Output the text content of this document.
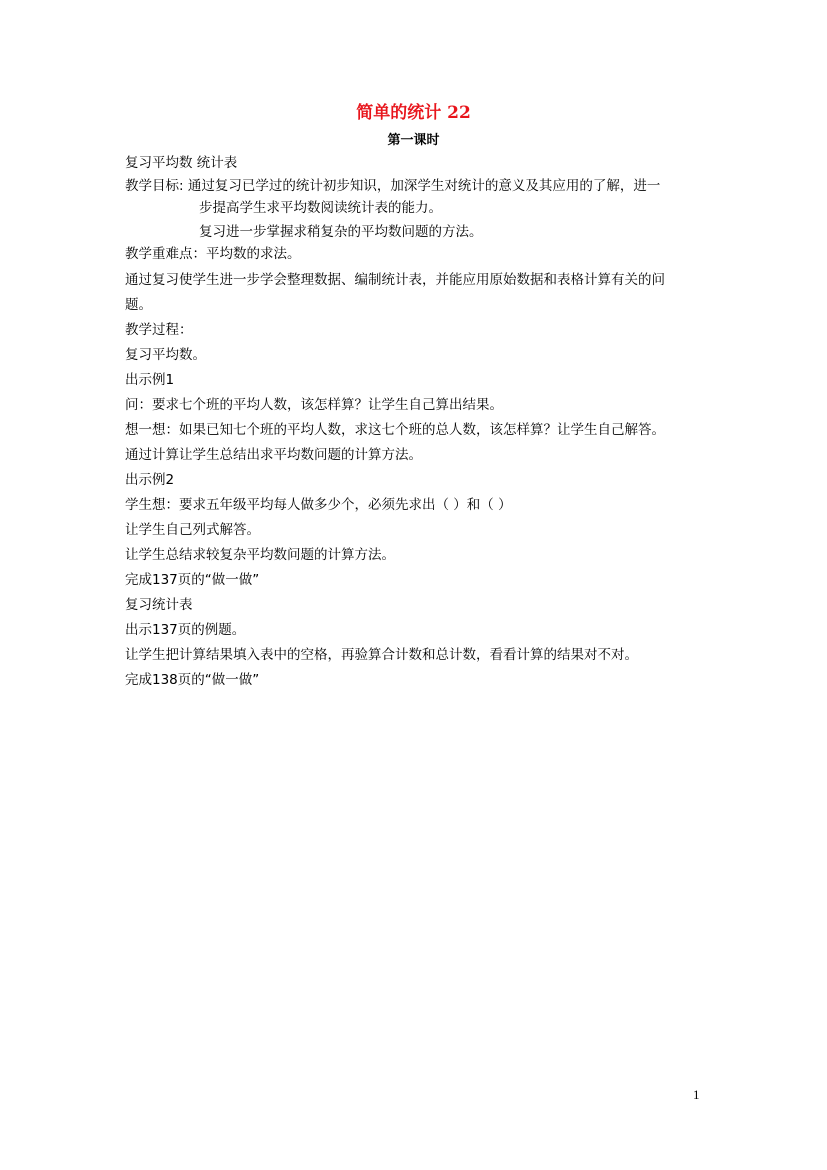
简单的统计 22
第一课时
复习平均数 统计表
教学目标: 通过复习已学过的统计初步知识，加深学生对统计的意义及其应用的了解，进一
步提高学生求平均数阅读统计表的能力。
复习进一步掌握求稍复杂的平均数问题的方法。
教学重难点：平均数的求法。
通过复习使学生进一步学会整理数据、编制统计表，并能应用原始数据和表格计算有关的问
题。
教学过程：
复习平均数。
出示例1
问：要求七个班的平均人数，该怎样算？让学生自己算出结果。
想一想：如果已知七个班的平均人数，求这七个班的总人数，该怎样算？让学生自己解答。
通过计算让学生总结出求平均数问题的计算方法。
出示例2
学生想：要求五年级平均每人做多少个，必须先求出（ ）和（ ）
让学生自己列式解答。
让学生总结求较复杂平均数问题的计算方法。
完成137页的“做一做”
复习统计表
出示137页的例题。
让学生把计算结果填入表中的空格，再验算合计数和总计数，看看计算的结果对不对。
完成138页的“做一做”
1
